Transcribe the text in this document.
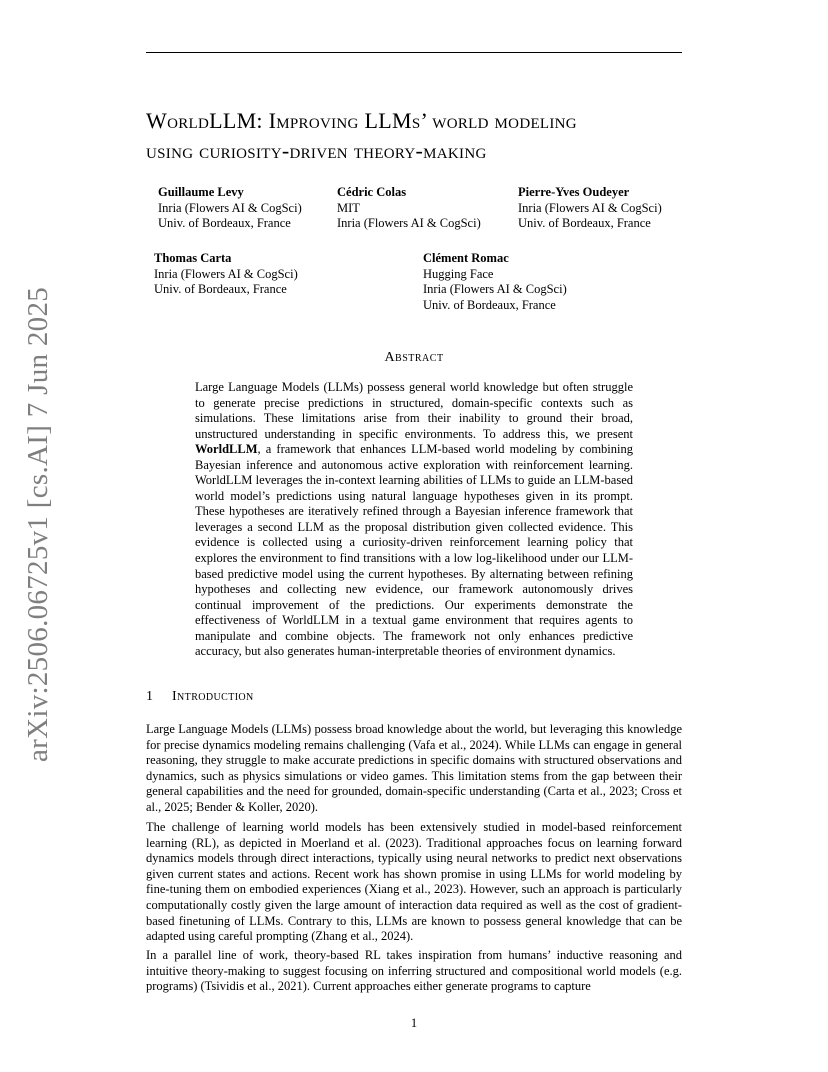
arXiv:2506.06725v1 [cs.AI] 7 Jun 2025
WorldLLM: Improving LLMs’ world modeling
using curiosity-driven theory-making
Guillaume Levy
Inria (Flowers AI & CogSci)
Univ. of Bordeaux, France
Cédric Colas
MIT
Inria (Flowers AI & CogSci)
Pierre-Yves Oudeyer
Inria (Flowers AI & CogSci)
Univ. of Bordeaux, France
Thomas Carta
Inria (Flowers AI & CogSci)
Univ. of Bordeaux, France
Clément Romac
Hugging Face
Inria (Flowers AI & CogSci)
Univ. of Bordeaux, France
Abstract

Large Language Models (LLMs) possess general world knowledge but often struggle to generate precise predictions in structured, domain-specific contexts such as simulations. These limitations arise from their inability to ground their broad, unstructured understanding in specific environments. To address this, we present WorldLLM, a framework that enhances LLM-based world modeling by combining Bayesian inference and autonomous active exploration with reinforcement learning. WorldLLM leverages the in-context learning abilities of LLMs to guide an LLM-based world model’s predictions using natural language hypotheses given in its prompt. These hypotheses are iteratively refined through a Bayesian inference framework that leverages a second LLM as the proposal distribution given collected evidence. This evidence is collected using a curiosity-driven reinforcement learning policy that explores the environment to find transitions with a low log-likelihood under our LLM-based predictive model using the current hypotheses. By alternating between refining hypotheses and collecting new evidence, our framework autonomously drives continual improvement of the predictions. Our experiments demonstrate the effectiveness of WorldLLM in a textual game environment that requires agents to manipulate and combine objects. The framework not only enhances predictive accuracy, but also generates human-interpretable theories of environment dynamics.

1 Introduction

Large Language Models (LLMs) possess broad knowledge about the world, but leveraging this knowledge for precise dynamics modeling remains challenging (Vafa et al., 2024). While LLMs can engage in general reasoning, they struggle to make accurate predictions in specific domains with structured observations and dynamics, such as physics simulations or video games. This limitation stems from the gap between their general capabilities and the need for grounded, domain-specific understanding (Carta et al., 2023; Cross et al., 2025; Bender & Koller, 2020).

The challenge of learning world models has been extensively studied in model-based reinforcement learning (RL), as depicted in Moerland et al. (2023). Traditional approaches focus on learning forward dynamics models through direct interactions, typically using neural networks to predict next observations given current states and actions. Recent work has shown promise in using LLMs for world modeling by fine-tuning them on embodied experiences (Xiang et al., 2023). However, such an approach is particularly computationally costly given the large amount of interaction data required as well as the cost of gradient-based finetuning of LLMs. Contrary to this, LLMs are known to possess general knowledge that can be adapted using careful prompting (Zhang et al., 2024).

In a parallel line of work, theory-based RL takes inspiration from humans’ inductive reasoning and intuitive theory-making to suggest focusing on inferring structured and compositional world models (e.g. programs) (Tsividis et al., 2021). Current approaches either generate programs to capture

1
